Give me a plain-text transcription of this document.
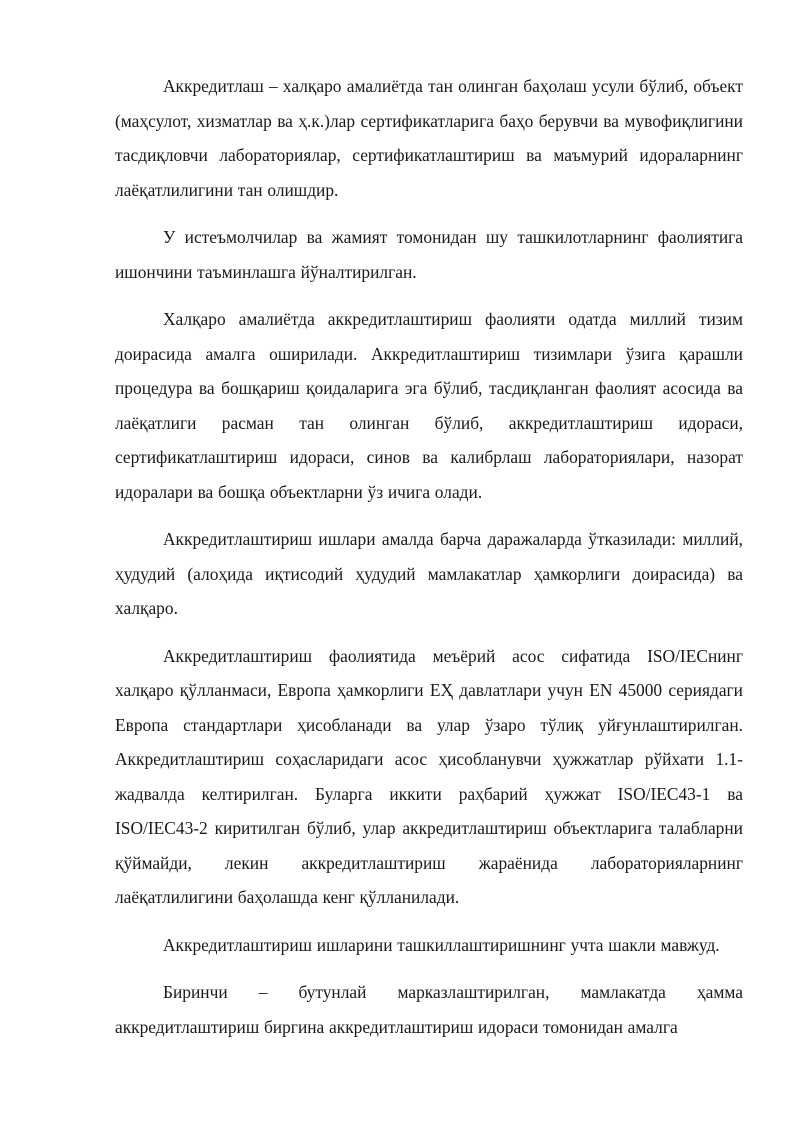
Аккредитлаш – халқаро амалиётда тан олинган баҳолаш усули бўлиб, объект (маҳсулот, хизматлар ва ҳ.к.)лар сертификатларига баҳо берувчи ва мувофиқлигини тасдиқловчи лабораториялар, сертификатлаштириш ва маъмурий идораларнинг лаёқатлилигини тан олишдир.

У истеъмолчилар ва жамият томонидан шу ташкилотларнинг фаолиятига ишончини таъминлашга йўналтирилган.

Халқаро амалиётда аккредитлаштириш фаолияти одатда миллий тизим доирасида амалга оширилади. Аккредитлаштириш тизимлари ўзига қарашли процедура ва бошқариш қоидаларига эга бўлиб, тасдиқланган фаолият асосида ва лаёқатлиги расман тан олинган бўлиб, аккредитлаштириш идораси, сертификатлаштириш идораси, синов ва калибрлаш лабораториялари, назорат идоралари ва бошқа объектларни ўз ичига олади.

Аккредитлаштириш ишлари амалда барча даражаларда ўтказилади: миллий, ҳудудий (алоҳида иқтисодий ҳудудий мамлакатлар ҳамкорлиги доирасида) ва халқаро.

Аккредитлаштириш фаолиятида меъёрий асос сифатида ISO/IECнинг халқаро қўлланмаси, Европа ҳамкорлиги ЕҲ давлатлари учун EN 45000 сериядаги Европа стандартлари ҳисобланади ва улар ўзаро тўлиқ уйғунлаштирилган. Аккредитлаштириш соҳасларидаги асос ҳисобланувчи ҳужжатлар рўйхати 1.1-жадвалда келтирилган. Буларга иккити раҳбарий ҳужжат ISO/IEC43-1 ва ISO/IEC43-2 киритилган бўлиб, улар аккредитлаштириш объектларига талабларни қўймайди, лекин аккредитлаштириш жараёнида лабораторияларнинг лаёқатлилигини баҳолашда кенг қўлланилади.

Аккредитлаштириш ишларини ташкиллаштиришнинг учта шакли мавжуд.

Биринчи – бутунлай марказлаштирилган, мамлакатда ҳамма аккредитлаштириш биргина аккредитлаштириш идораси томонидан амалга
